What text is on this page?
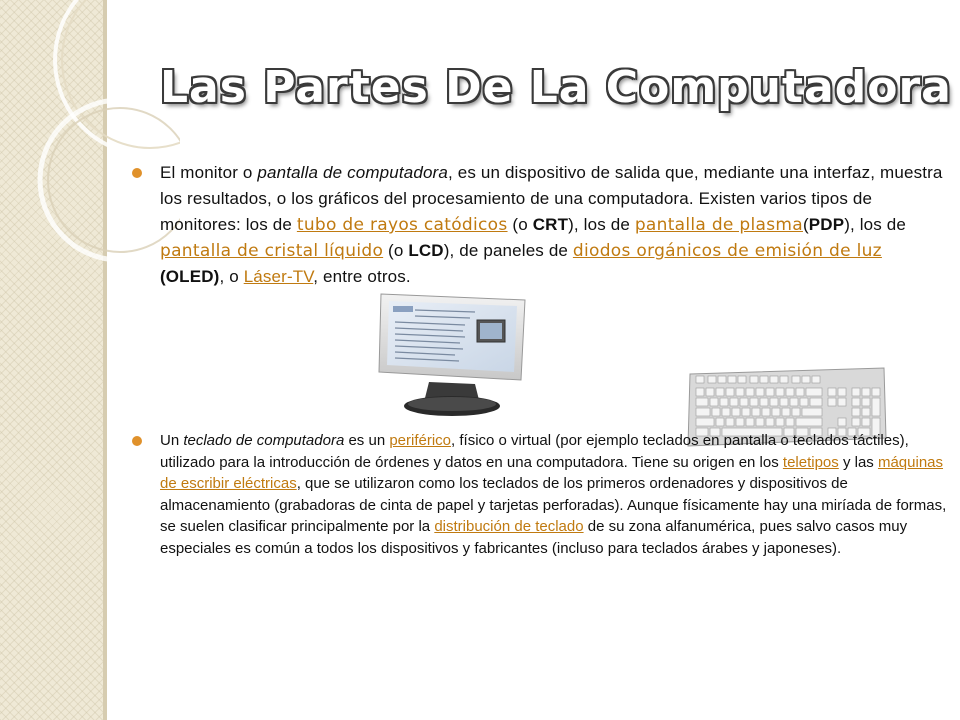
Las Partes De La Computadora

El monitor o pantalla de computadora, es un dispositivo de salida que, mediante una interfaz, muestra los resultados, o los gráficos del procesamiento de una computadora. Existen varios tipos de monitores: los de tubo de rayos catódicos (o CRT), los de pantalla de plasma(PDP), los de pantalla de cristal líquido (o LCD), de paneles de diodos orgánicos de emisión de luz (OLED), o Láser-TV, entre otros.

Un teclado de computadora es un periférico, físico o virtual (por ejemplo teclados en pantalla o teclados táctiles), utilizado para la introducción de órdenes y datos en una computadora. Tiene su origen en los teletipos y las máquinas de escribir eléctricas, que se utilizaron como los teclados de los primeros ordenadores y dispositivos de almacenamiento (grabadoras de cinta de papel y tarjetas perforadas). Aunque físicamente hay una miríada de formas, se suelen clasificar principalmente por la distribución de teclado de su zona alfanumérica, pues salvo casos muy especiales es común a todos los dispositivos y fabricantes (incluso para teclados árabes y japoneses).
